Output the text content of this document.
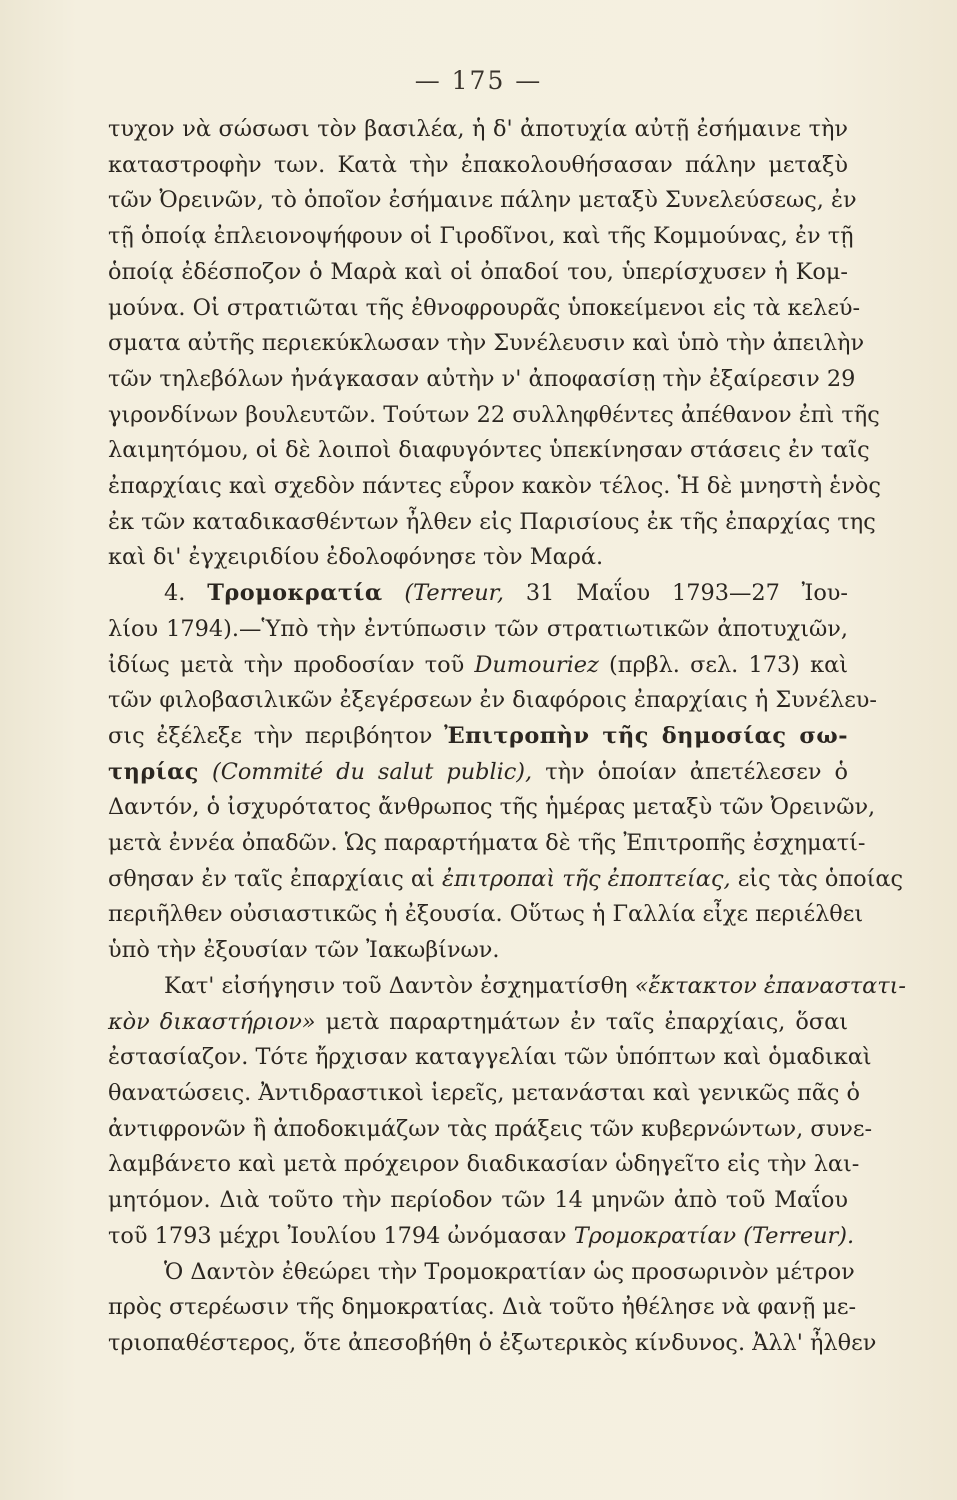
— 175 —
τυχον νὰ σώσωσι τὸν βασιλέα, ἡ δ' ἀποτυχία αὐτῇ ἐσήμαινε τὴν
καταστροφὴν των. Κατὰ τὴν ἐπακολουθήσασαν πάλην μεταξὺ
τῶν Ὀρεινῶν, τὸ ὁποῖον ἐσήμαινε πάλην μεταξὺ Συνελεύσεως, ἐν
τῇ ὁποίᾳ ἐπλειονοψήφουν οἱ Γιροδῖνοι, καὶ τῆς Κομμούνας, ἐν τῇ
ὁποίᾳ ἐδέσποζον ὁ Μαρὰ καὶ οἱ ὀπαδοί του, ὑπερίσχυσεν ἡ Κομ-
μούνα. Οἱ στρατιῶται τῆς ἐθνοφρουρᾶς ὑποκείμενοι εἰς τὰ κελεύ-
σματα αὐτῆς περιεκύκλωσαν τὴν Συνέλευσιν καὶ ὑπὸ τὴν ἀπειλὴν
τῶν τηλεβόλων ἠνάγκασαν αὐτὴν ν' ἀποφασίσῃ τὴν ἐξαίρεσιν 29
γιρονδίνων βουλευτῶν. Τούτων 22 συλληφθέντες ἀπέθανον ἐπὶ τῆς
λαιμητόμου, οἱ δὲ λοιποὶ διαφυγόντες ὑπεκίνησαν στάσεις ἐν ταῖς
ἐπαρχίαις καὶ σχεδὸν πάντες εὗρον κακὸν τέλος. Ἡ δὲ μνηστὴ ἑνὸς
ἐκ τῶν καταδικασθέντων ἦλθεν εἰς Παρισίους ἐκ τῆς ἐπαρχίας της
καὶ δι' ἐγχειριδίου ἐδολοφόνησε τὸν Μαρά.
4. Τρομοκρατία (Terreur, 31 Μαΐου 1793—27 Ἰου-
λίου 1794).—Ὑπὸ τὴν ἐντύπωσιν τῶν στρατιωτικῶν ἀποτυχιῶν,
ἰδίως μετὰ τὴν προδοσίαν τοῦ Dumouriez (πρβλ. σελ. 173) καὶ
τῶν φιλοβασιλικῶν ἐξεγέρσεων ἐν διαφόροις ἐπαρχίαις ἡ Συνέλευ-
σις ἐξέλεξε τὴν περιβόητον Ἐπιτροπὴν τῆς δημοσίας σω-
τηρίας (Commité du salut public), τὴν ὁποίαν ἀπετέλεσεν ὁ
Δαντόν, ὁ ἰσχυρότατος ἄνθρωπος τῆς ἡμέρας μεταξὺ τῶν Ὀρεινῶν,
μετὰ ἐννέα ὀπαδῶν. Ὡς παραρτήματα δὲ τῆς Ἐπιτροπῆς ἐσχηματί-
σθησαν ἐν ταῖς ἐπαρχίαις αἱ ἐπιτροπαὶ τῆς ἐποπτείας, εἰς τὰς ὁποίας
περιῆλθεν οὐσιαστικῶς ἡ ἐξουσία. Οὕτως ἡ Γαλλία εἶχε περιέλθει
ὑπὸ τὴν ἐξουσίαν τῶν Ἰακωβίνων.
Κατ' εἰσήγησιν τοῦ Δαντὸν ἐσχηματίσθη «ἔκτακτον ἐπαναστατι-
κὸν δικαστήριον» μετὰ παραρτημάτων ἐν ταῖς ἐπαρχίαις, ὅσαι
ἐστασίαζον. Τότε ἤρχισαν καταγγελίαι τῶν ὑπόπτων καὶ ὁμαδικαὶ
θανατώσεις. Ἀντιδραστικοὶ ἱερεῖς, μετανάσται καὶ γενικῶς πᾶς ὁ
ἀντιφρονῶν ἢ ἀποδοκιμάζων τὰς πράξεις τῶν κυβερνώντων, συνε-
λαμβάνετο καὶ μετὰ πρόχειρον διαδικασίαν ὡδηγεῖτο εἰς τὴν λαι-
μητόμον. Διὰ τοῦτο τὴν περίοδον τῶν 14 μηνῶν ἀπὸ τοῦ Μαΐου
τοῦ 1793 μέχρι Ἰουλίου 1794 ὠνόμασαν Τρομοκρατίαν (Terreur).
Ὁ Δαντὸν ἐθεώρει τὴν Τρομοκρατίαν ὡς προσωρινὸν μέτρον
πρὸς στερέωσιν τῆς δημοκρατίας. Διὰ τοῦτο ἠθέλησε νὰ φανῇ με-
τριοπαθέστερος, ὅτε ἀπεσοβήθη ὁ ἐξωτερικὸς κίνδυνος. Ἀλλ' ἦλθεν
